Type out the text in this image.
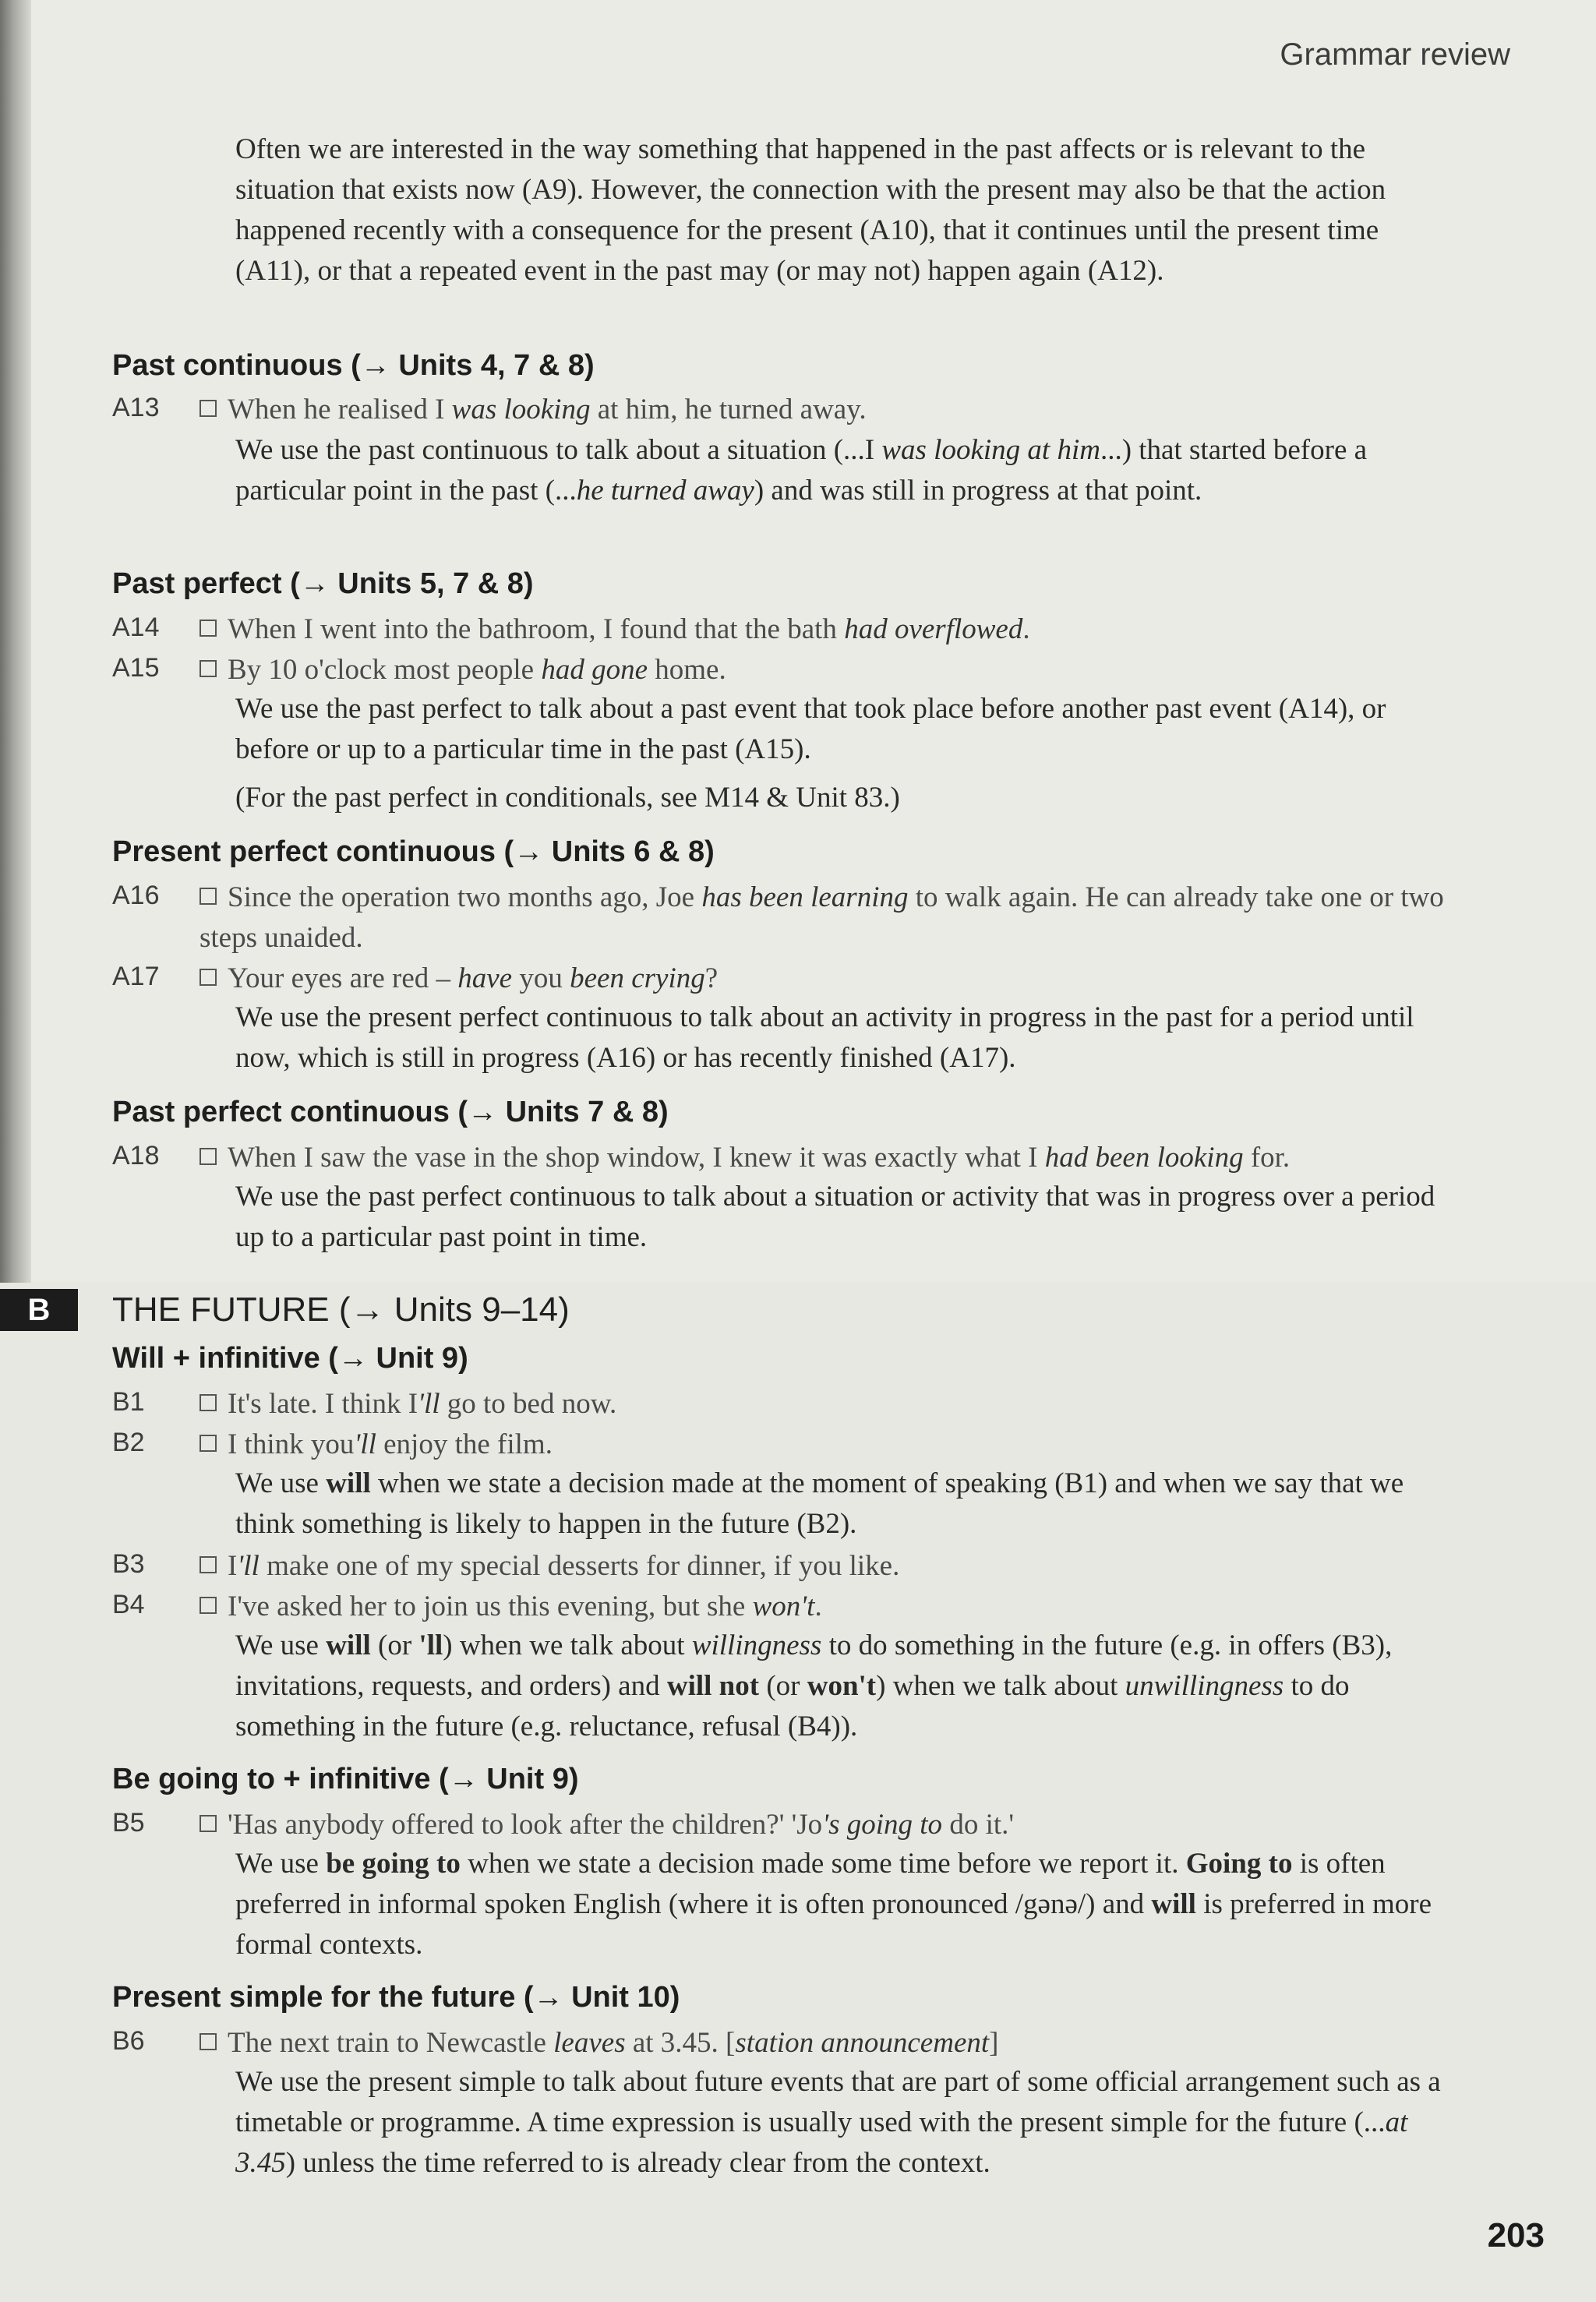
Grammar review
Often we are interested in the way something that happened in the past affects or is relevant to the situation that exists now (A9). However, the connection with the present may also be that the action happened recently with a consequence for the present (A10), that it continues until the present time (A11), or that a repeated event in the past may (or may not) happen again (A12).
Past continuous (→ Units 4, 7 & 8)
A13	When he realised I was looking at him, he turned away.
We use the past continuous to talk about a situation (...I was looking at him...) that started before a particular point in the past (...he turned away) and was still in progress at that point.
Past perfect (→ Units 5, 7 & 8)
A14	When I went into the bathroom, I found that the bath had overflowed.
A15	By 10 o'clock most people had gone home.
We use the past perfect to talk about a past event that took place before another past event (A14), or before or up to a particular time in the past (A15).
(For the past perfect in conditionals, see M14 & Unit 83.)
Present perfect continuous (→ Units 6 & 8)
A16	Since the operation two months ago, Joe has been learning to walk again. He can already take one or two steps unaided.
A17	Your eyes are red – have you been crying?
We use the present perfect continuous to talk about an activity in progress in the past for a period until now, which is still in progress (A16) or has recently finished (A17).
Past perfect continuous (→ Units 7 & 8)
A18	When I saw the vase in the shop window, I knew it was exactly what I had been looking for.
We use the past perfect continuous to talk about a situation or activity that was in progress over a period up to a particular past point in time.
B	THE FUTURE (→ Units 9–14)
Will + infinitive (→ Unit 9)
B1	It's late. I think I'll go to bed now.
B2	I think you'll enjoy the film.
We use will when we state a decision made at the moment of speaking (B1) and when we say that we think something is likely to happen in the future (B2).
B3	I'll make one of my special desserts for dinner, if you like.
B4	I've asked her to join us this evening, but she won't.
We use will (or 'll) when we talk about willingness to do something in the future (e.g. in offers (B3), invitations, requests, and orders) and will not (or won't) when we talk about unwillingness to do something in the future (e.g. reluctance, refusal (B4)).
Be going to + infinitive (→ Unit 9)
B5	'Has anybody offered to look after the children?' 'Jo's going to do it.'
We use be going to when we state a decision made some time before we report it. Going to is often preferred in informal spoken English (where it is often pronounced /gənə/) and will is preferred in more formal contexts.
Present simple for the future (→ Unit 10)
B6	The next train to Newcastle leaves at 3.45. [station announcement]
We use the present simple to talk about future events that are part of some official arrangement such as a timetable or programme. A time expression is usually used with the present simple for the future (...at 3.45) unless the time referred to is already clear from the context.
203
